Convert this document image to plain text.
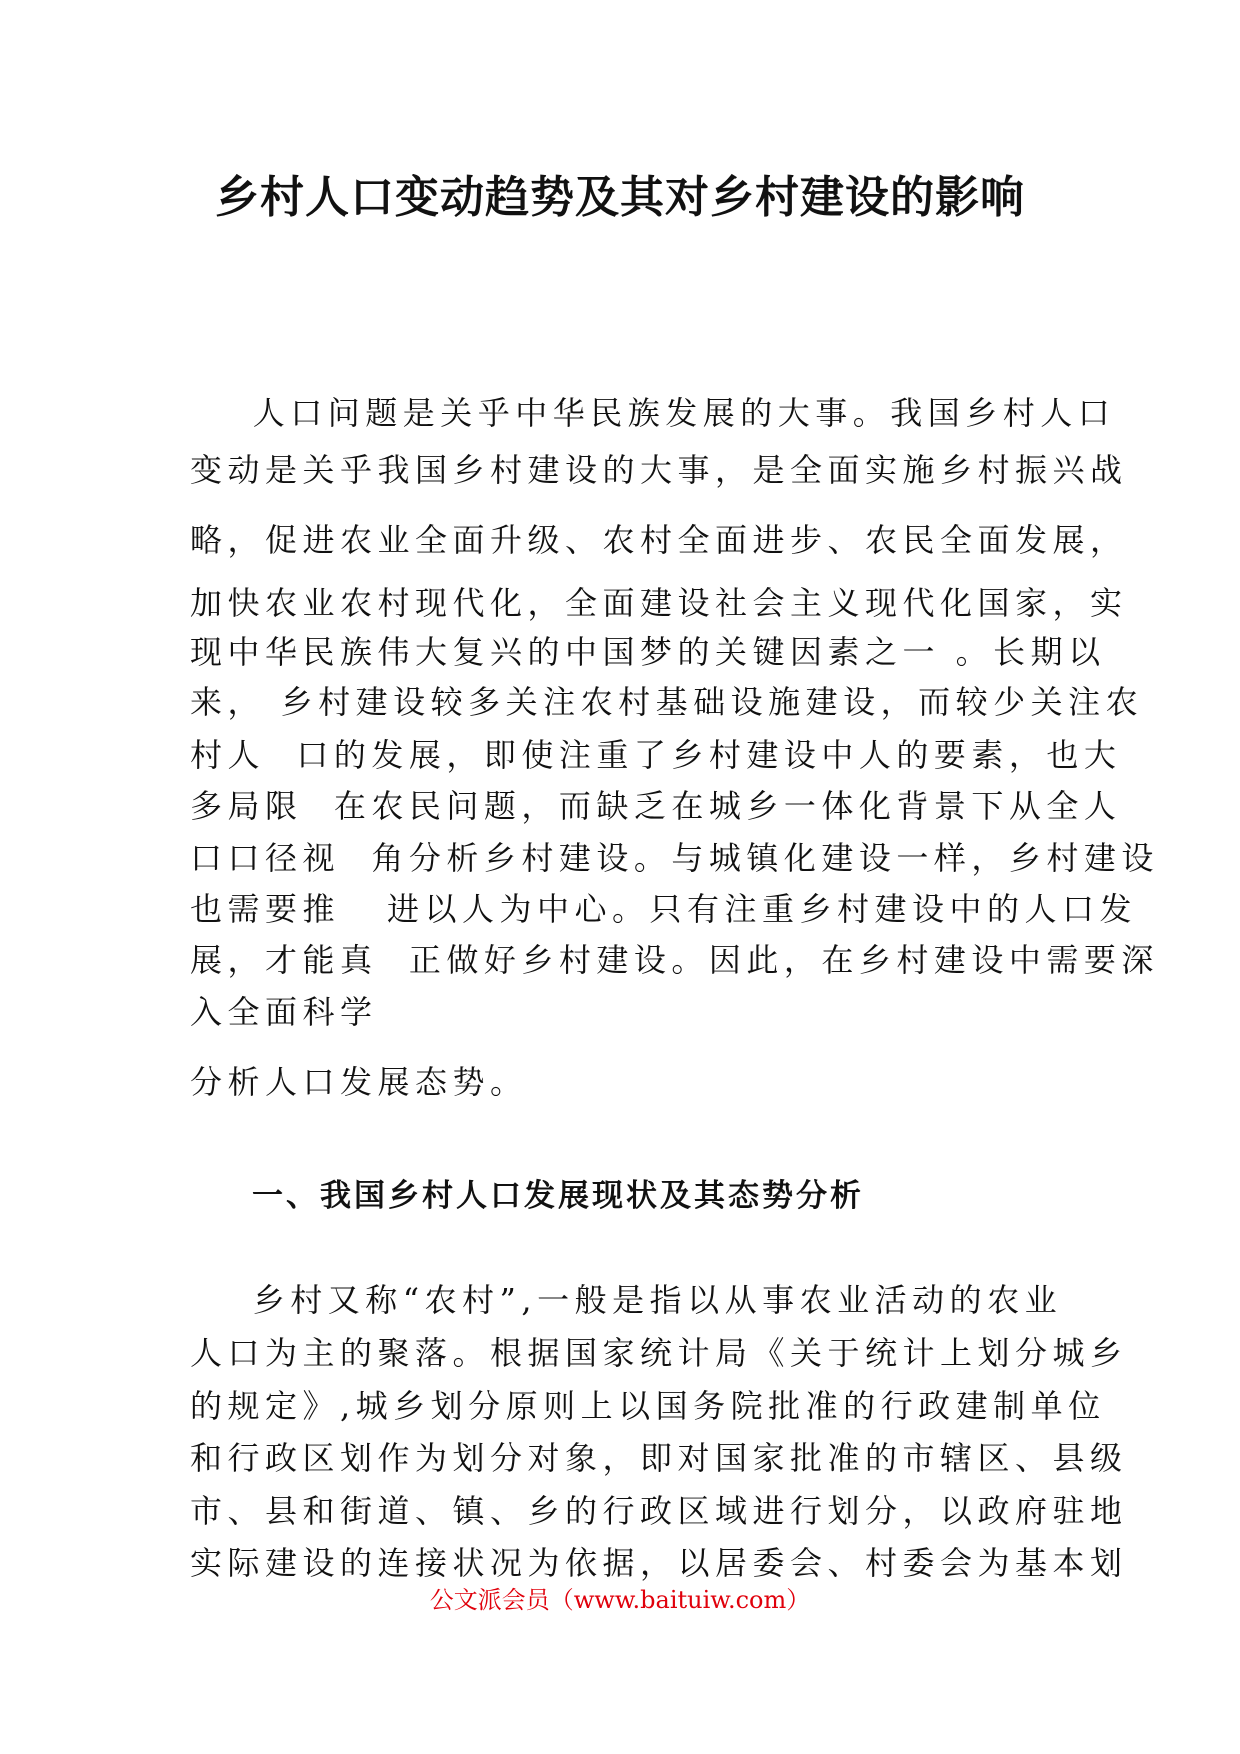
乡村人口变动趋势及其对乡村建设的影响
人口问题是关乎中华民族发展的大事。我国乡村人口
变动是关乎我国乡村建设的大事，是全面实施乡村振兴战
略，促进农业全面升级、农村全面进步、农民全面发展，
加快农业农村现代化，全面建设社会主义现代化国家，实
现中华民族伟大复兴的中国梦的关键因素之一 。长期以
来， 乡村建设较多关注农村基础设施建设，而较少关注农
村人  口的发展，即使注重了乡村建设中人的要素，也大
多局限  在农民问题，而缺乏在城乡一体化背景下从全人
口口径视  角分析乡村建设。与城镇化建设一样，乡村建设
也需要推   进以人为中心。只有注重乡村建设中的人口发
展，才能真  正做好乡村建设。因此，在乡村建设中需要深
入全面科学
分析人口发展态势。
一、我国乡村人口发展现状及其态势分析
乡村又称“农村”,一般是指以从事农业活动的农业
人口为主的聚落。根据国家统计局《关于统计上划分城乡
的规定》,城乡划分原则上以国务院批准的行政建制单位
和行政区划作为划分对象，即对国家批准的市辖区、县级
市、县和街道、镇、乡的行政区域进行划分，以政府驻地
实际建设的连接状况为依据，以居委会、村委会为基本划
公文派会员（www.baituiw.com）
